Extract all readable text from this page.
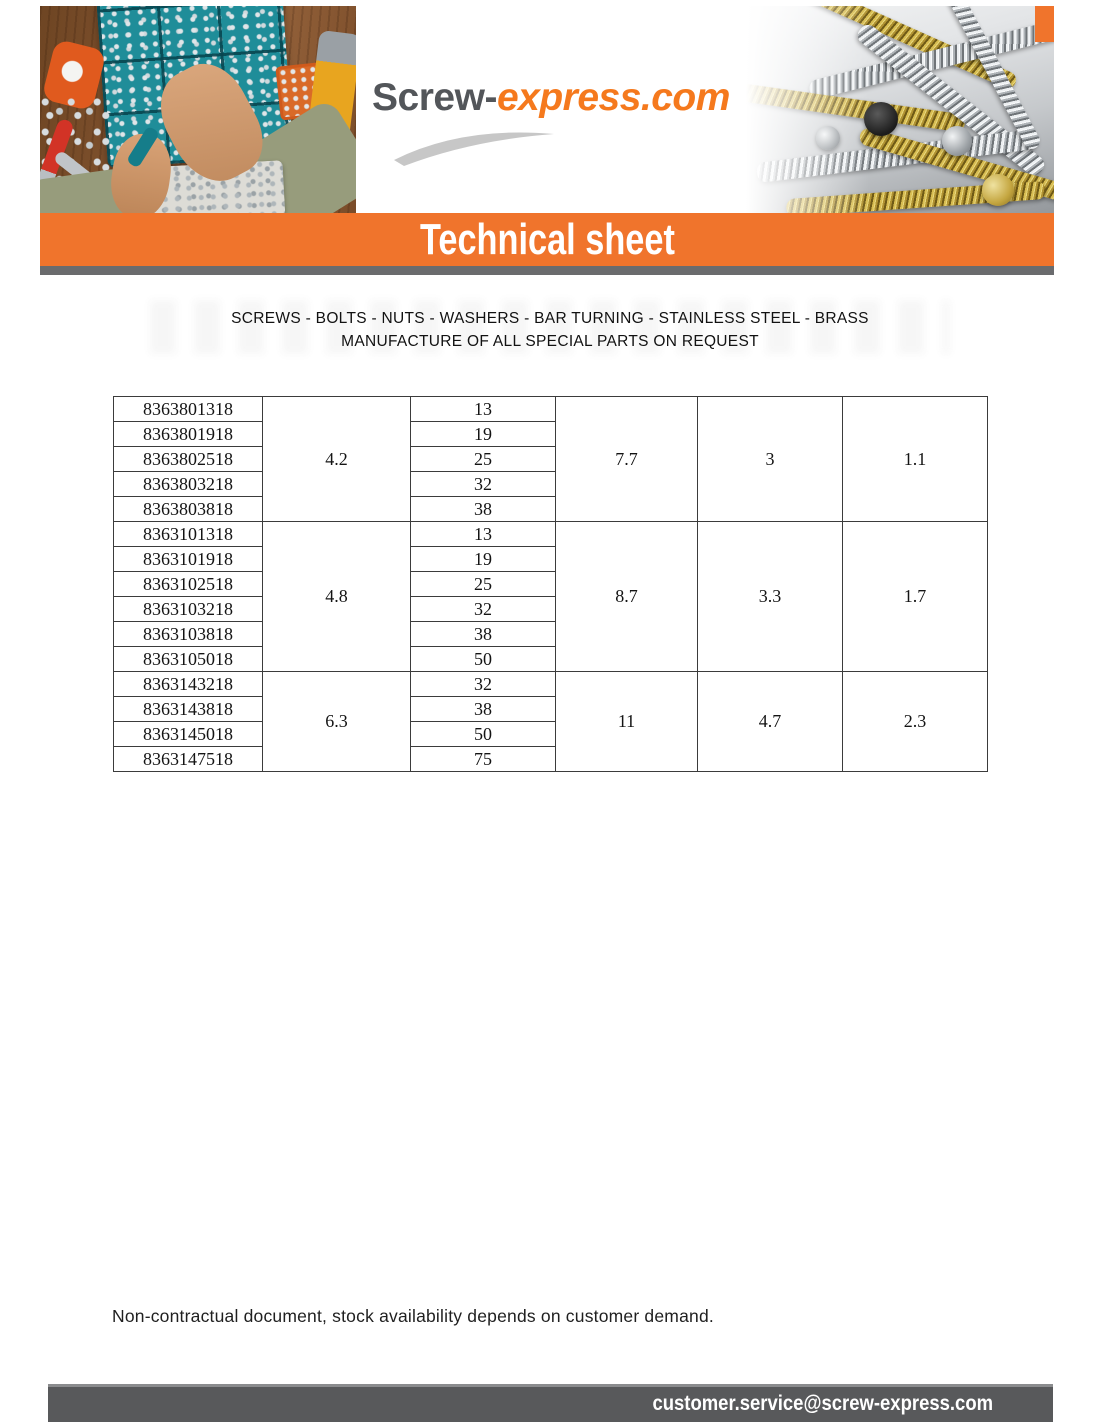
Screw-express.com
Technical sheet
SCREWS - BOLTS - NUTS - WASHERS - BAR TURNING - STAINLESS STEEL - BRASS
MANUFACTURE OF ALL SPECIAL PARTS ON REQUEST
8363801318	4.2	13	7.7	3	1.1
8363801918		19			
8363802518		25			
8363803218		32			
8363803818		38			
8363101318	4.8	13	8.7	3.3	1.7
8363101918		19			
8363102518		25			
8363103218		32			
8363103818		38			
8363105018		50			
8363143218	6.3	32	11	4.7	2.3
8363143818		38			
8363145018		50			
8363147518		75			
Non-contractual document, stock availability depends on customer demand.
customer.service@screw-express.com
